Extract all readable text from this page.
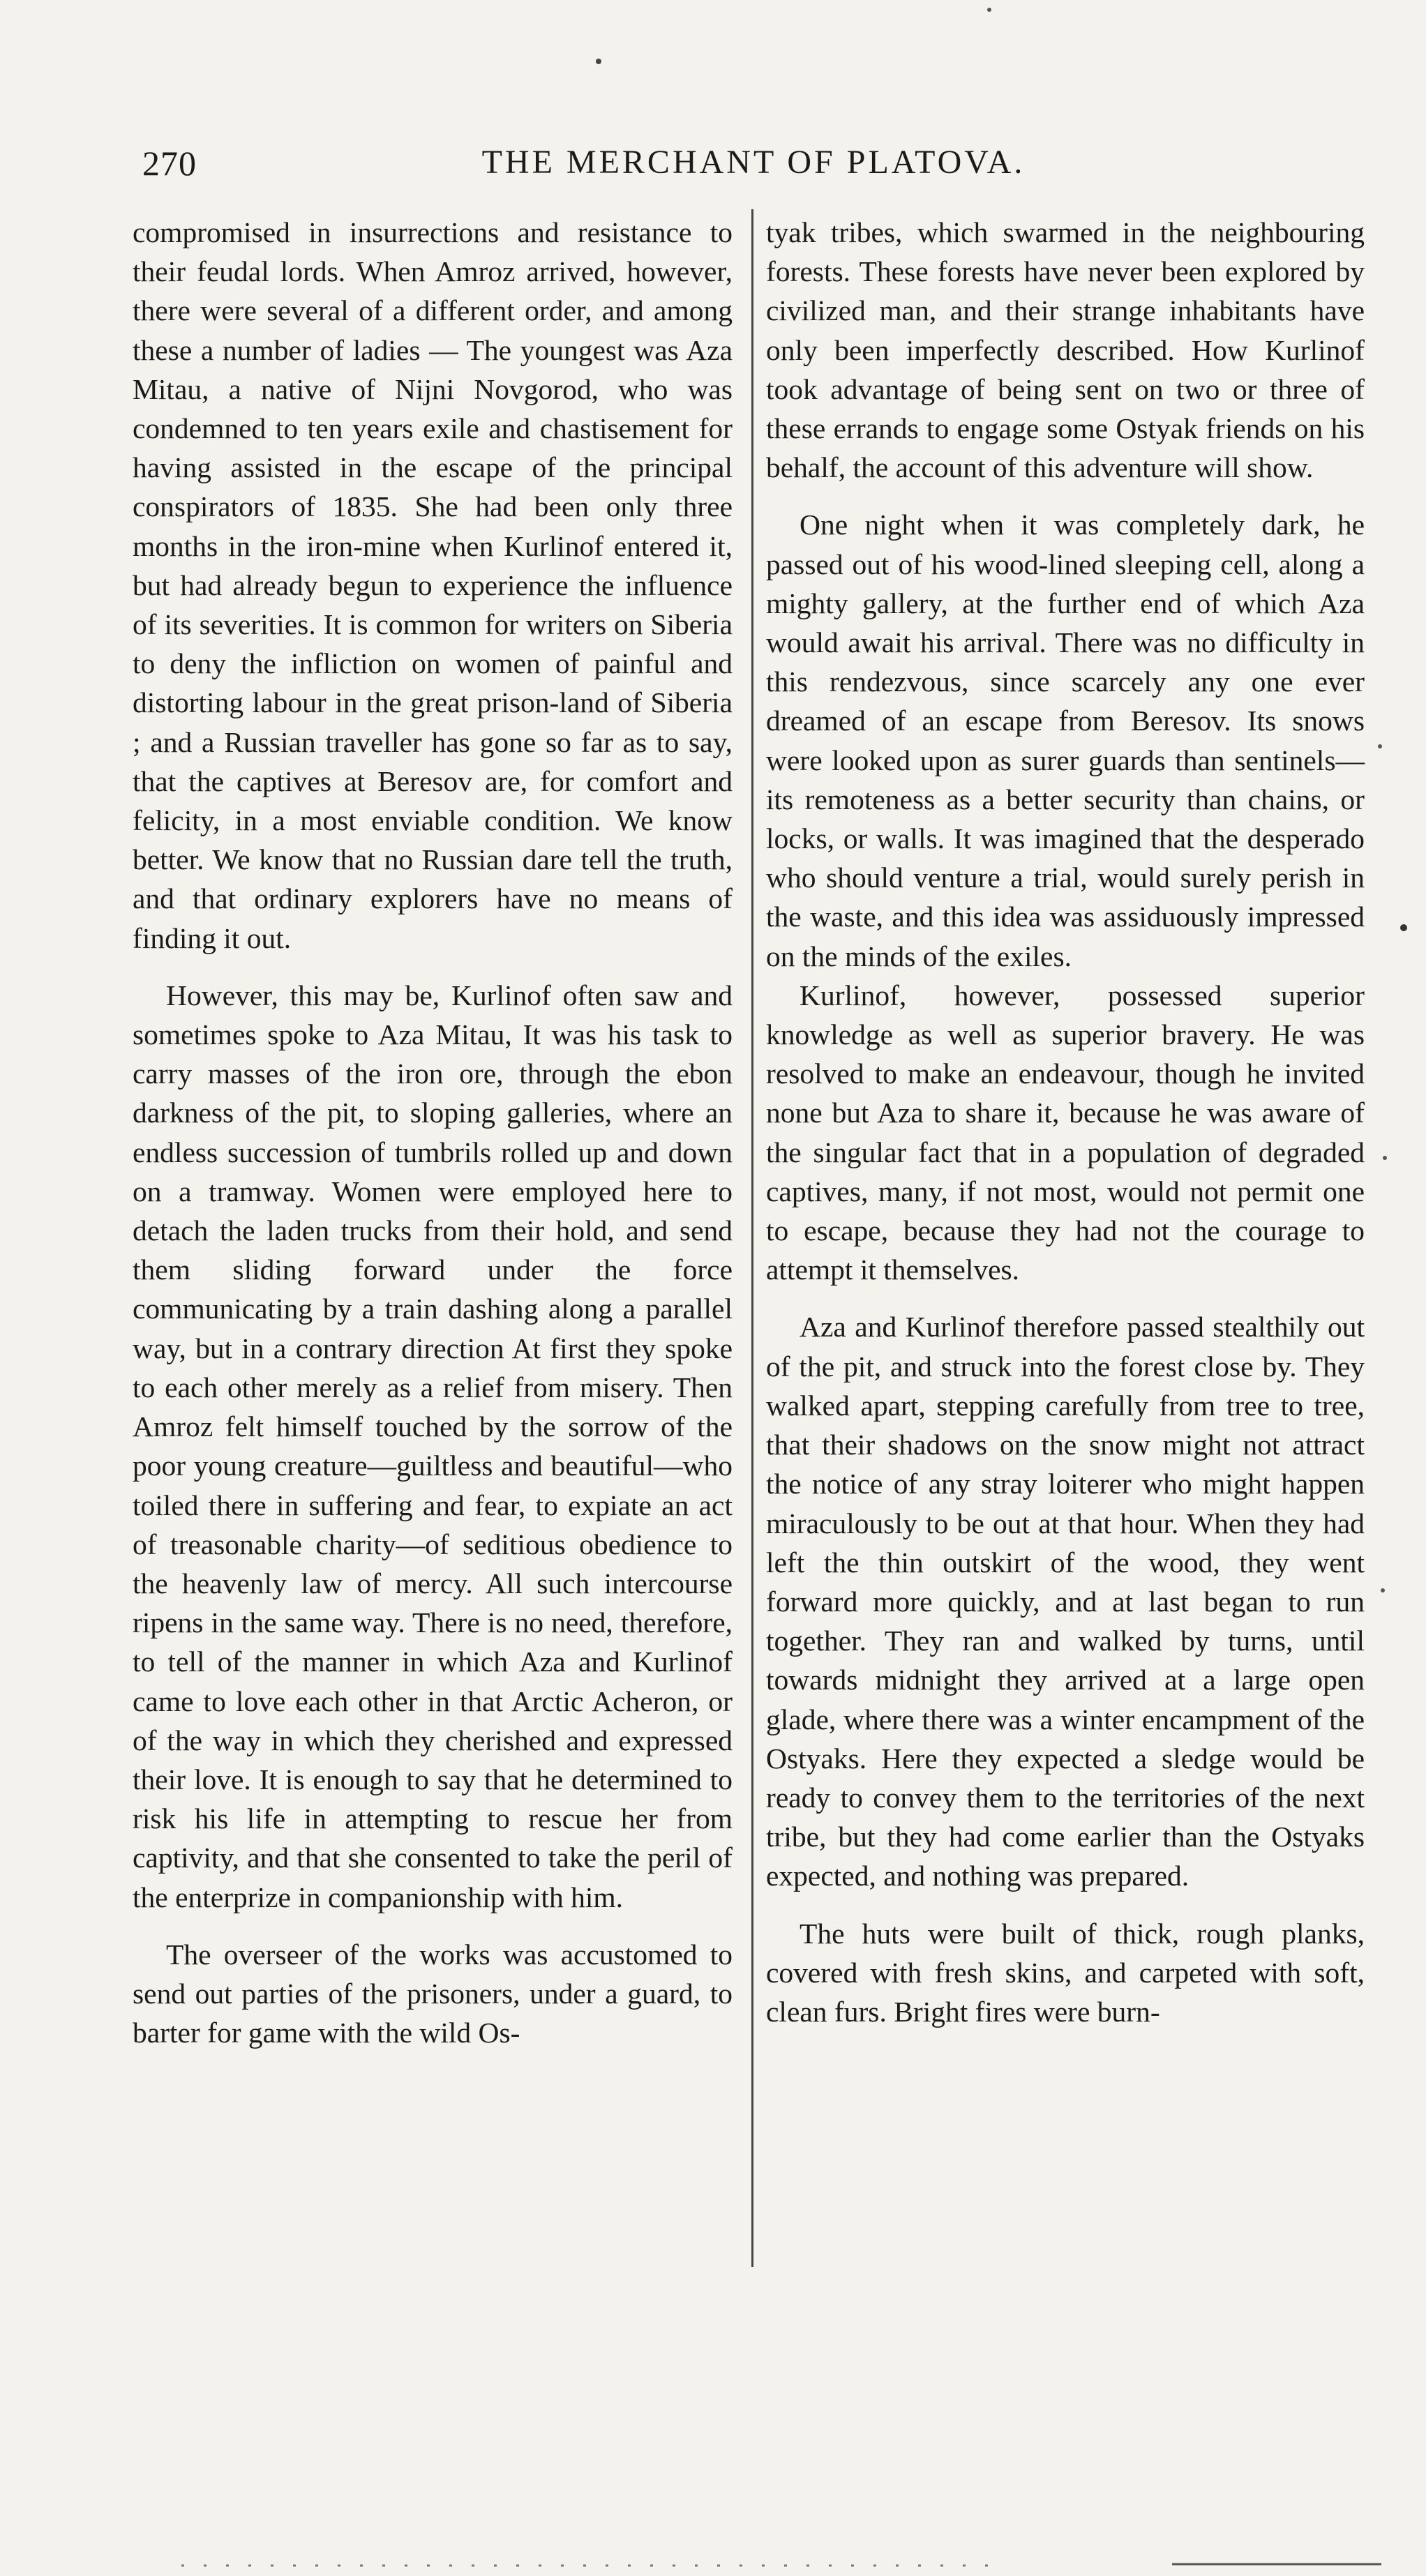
270	THE MERCHANT OF PLATOVA.

compromised in insurrections and resistance to their feudal lords. When Amroz arrived, however, there were several of a different order, and among these a number of ladies — The youngest was Aza Mitau, a native of Nijni Novgorod, who was condemned to ten years exile and chastisement for having assisted in the escape of the principal conspirators of 1835. She had been only three months in the iron-mine when Kurlinof entered it, but had already begun to experience the influence of its severities. It is common for writers on Siberia to deny the infliction on women of painful and distorting labour in the great prison-land of Siberia ; and a Russian traveller has gone so far as to say, that the captives at Beresov are, for comfort and felicity, in a most enviable condition. We know better. We know that no Russian dare tell the truth, and that ordinary explorers have no means of finding it out.

However, this may be, Kurlinof often saw and sometimes spoke to Aza Mitau, It was his task to carry masses of the iron ore, through the ebon darkness of the pit, to sloping galleries, where an endless succession of tumbrils rolled up and down on a tramway. Women were employed here to detach the laden trucks from their hold, and send them sliding forward under the force communicating by a train dashing along a parallel way, but in a contrary direction At first they spoke to each other merely as a relief from misery. Then Amroz felt himself touched by the sorrow of the poor young creature—guiltless and beautiful—who toiled there in suffering and fear, to expiate an act of treasonable charity—of seditious obedience to the heavenly law of mercy. All such intercourse ripens in the same way. There is no need, therefore, to tell of the manner in which Aza and Kurlinof came to love each other in that Arctic Acheron, or of the way in which they cherished and expressed their love. It is enough to say that he determined to risk his life in attempting to rescue her from captivity, and that she consented to take the peril of the enterprize in companionship with him.

The overseer of the works was accustomed to send out parties of the prisoners, under a guard, to barter for game with the wild Os-

tyak tribes, which swarmed in the neighbouring forests. These forests have never been explored by civilized man, and their strange inhabitants have only been imperfectly described. How Kurlinof took advantage of being sent on two or three of these errands to engage some Ostyak friends on his behalf, the account of this adventure will show.

One night when it was completely dark, he passed out of his wood-lined sleeping cell, along a mighty gallery, at the further end of which Aza would await his arrival. There was no difficulty in this rendezvous, since scarcely any one ever dreamed of an escape from Beresov. Its snows were looked upon as surer guards than sentinels—its remoteness as a better security than chains, or locks, or walls. It was imagined that the desperado who should venture a trial, would surely perish in the waste, and this idea was assiduously impressed on the minds of the exiles.

Kurlinof, however, possessed superior knowledge as well as superior bravery. He was resolved to make an endeavour, though he invited none but Aza to share it, because he was aware of the singular fact that in a population of degraded captives, many, if not most, would not permit one to escape, because they had not the courage to attempt it themselves.

Aza and Kurlinof therefore passed stealthily out of the pit, and struck into the forest close by. They walked apart, stepping carefully from tree to tree, that their shadows on the snow might not attract the notice of any stray loiterer who might happen miraculously to be out at that hour. When they had left the thin outskirt of the wood, they went forward more quickly, and at last began to run together. They ran and walked by turns, until towards midnight they arrived at a large open glade, where there was a winter encampment of the Ostyaks. Here they expected a sledge would be ready to convey them to the territories of the next tribe, but they had come earlier than the Ostyaks expected, and nothing was prepared.

The huts were built of thick, rough planks, covered with fresh skins, and carpeted with soft, clean furs. Bright fires were burn-
